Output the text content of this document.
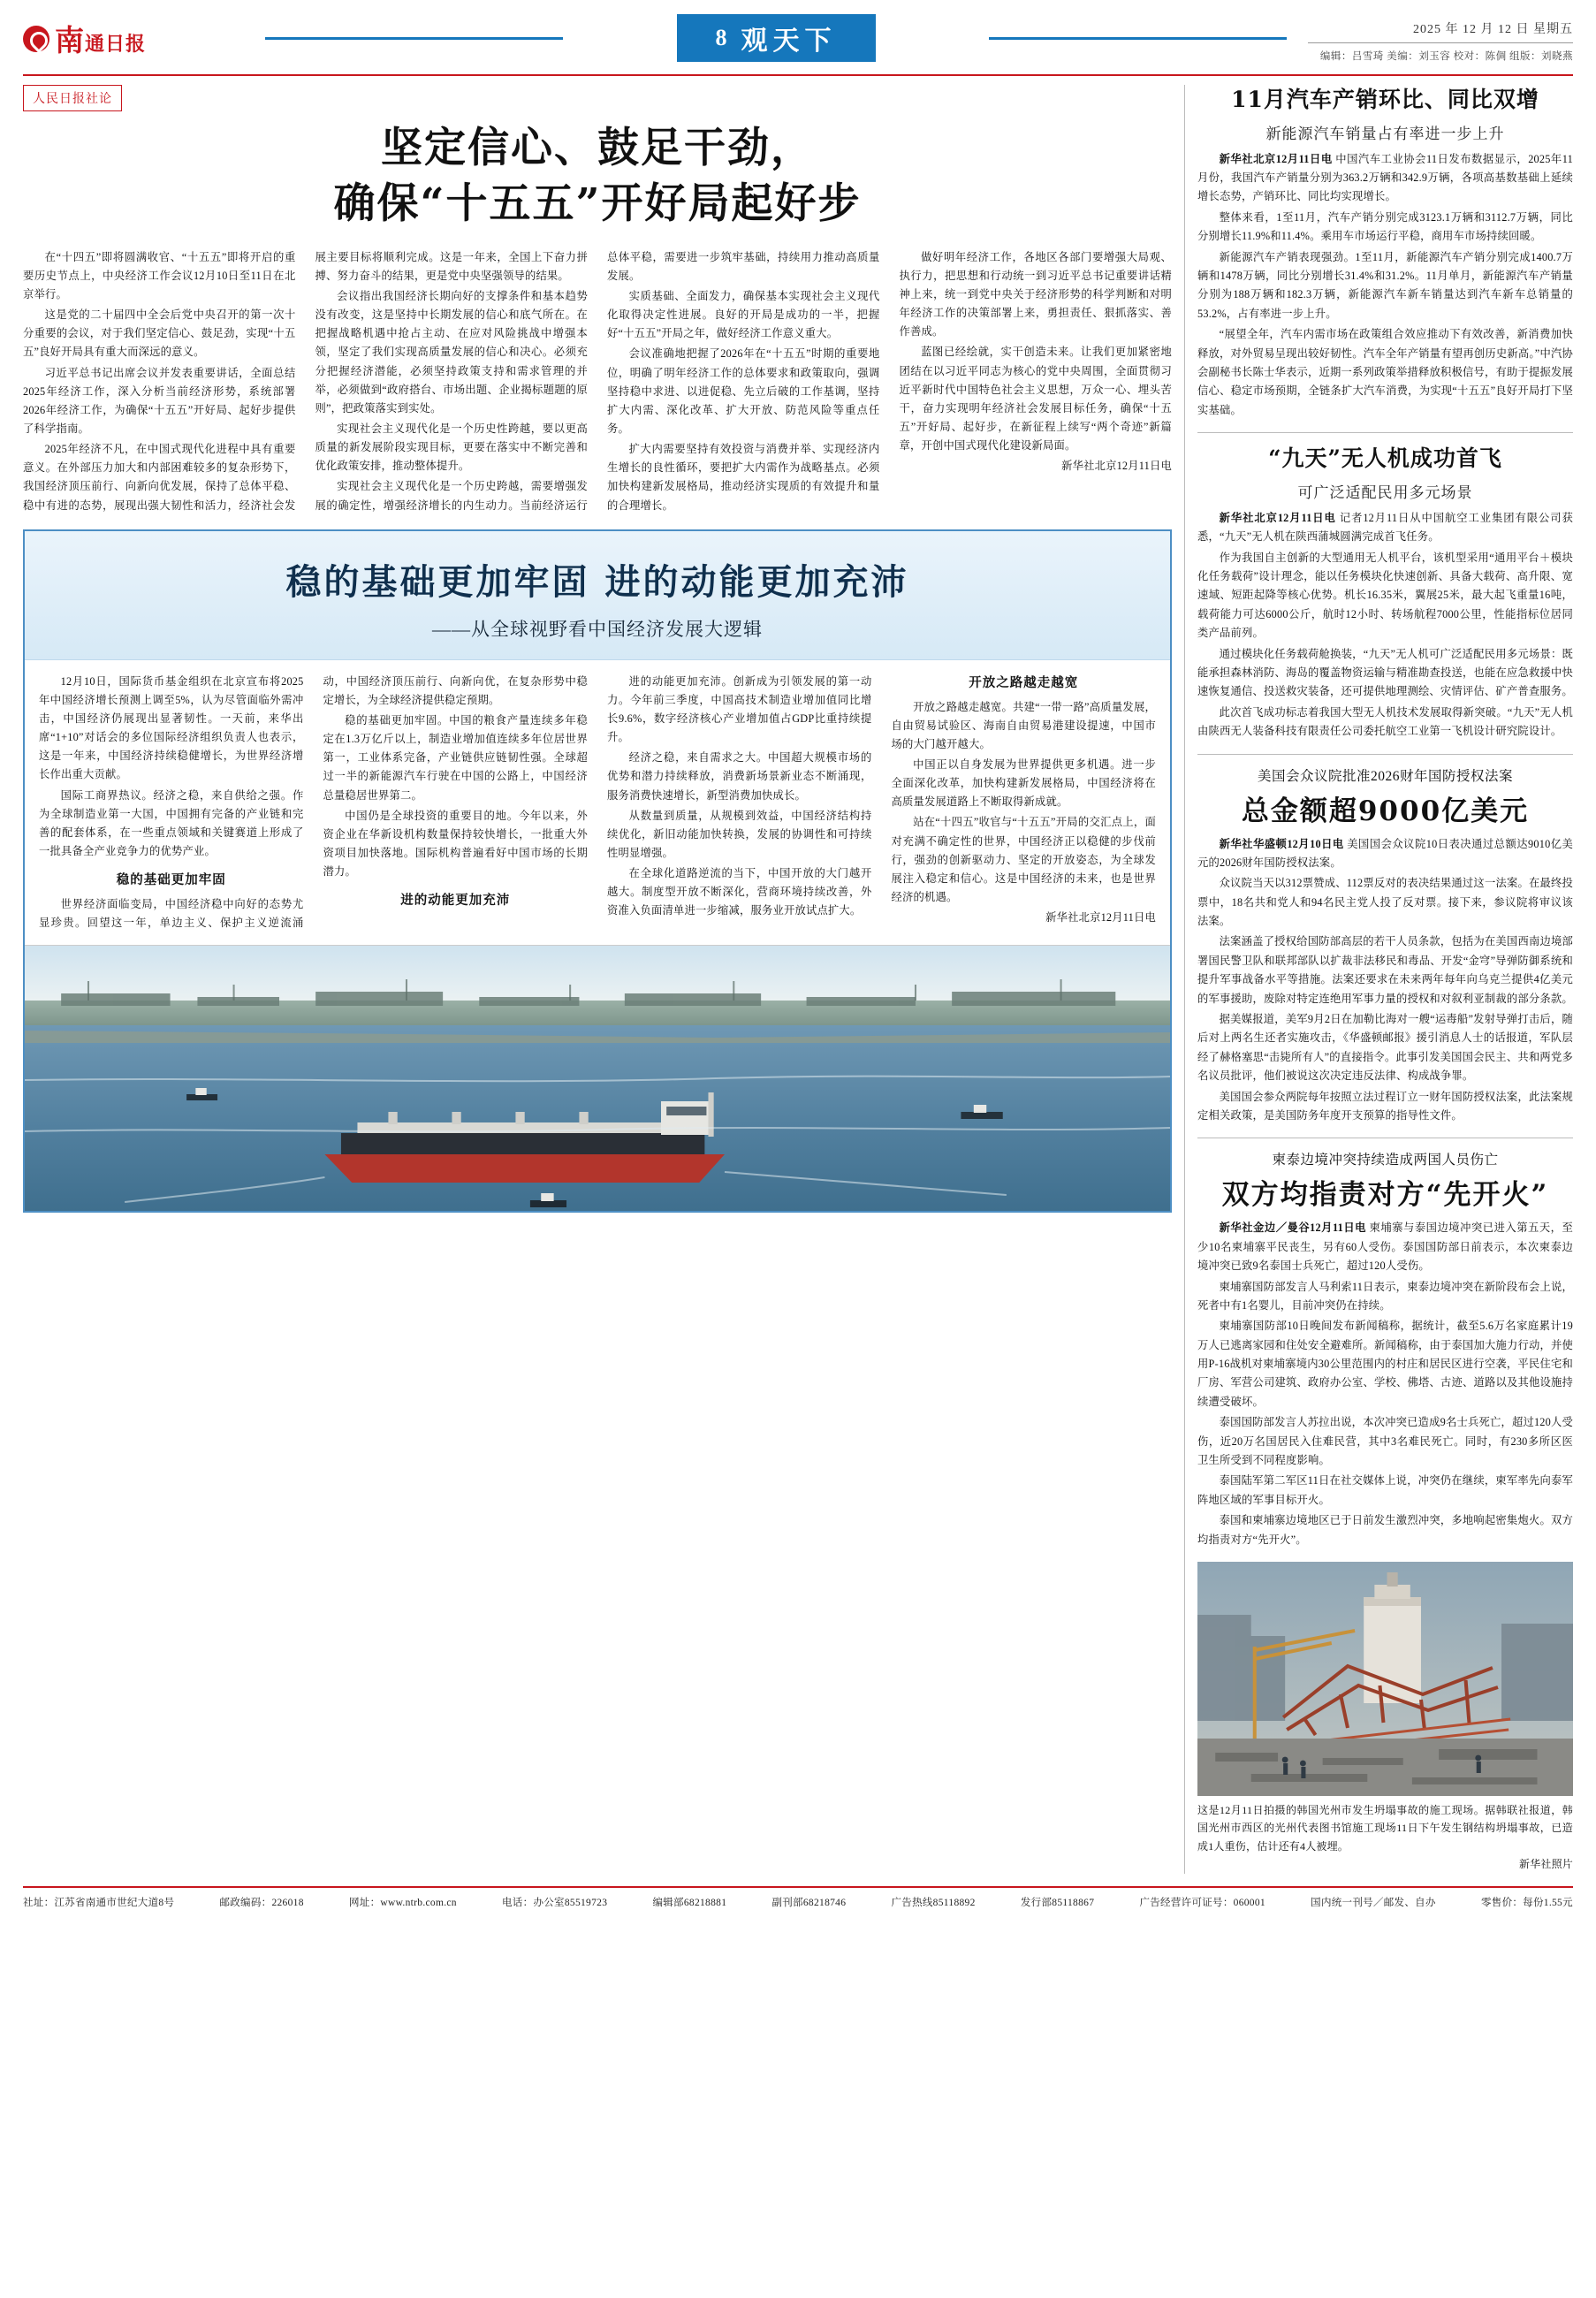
南通日报	8 观天下	2025 年 12 月 12 日 星期五
编辑：吕雪琦 美编：刘玉容 校对：陈倜 组版：刘晓燕
人民日报社论
坚定信心、鼓足干劲，
确保“十五五”开好局起好步

在“十四五”即将圆满收官、“十五五”即将开启的重要历史节点上，中央经济工作会议12月10日至11日在北京举行。

这是党的二十届四中全会后党中央召开的第一次十分重要的会议，对于我们坚定信心、鼓足劲，实现“十五五”良好开局具有重大而深远的意义。

习近平总书记出席会议并发表重要讲话，全面总结2025年经济工作，深入分析当前经济形势，系统部署2026年经济工作，为确保“十五五”开好局、起好步提供了科学指南。

2025年经济不凡，在中国式现代化进程中具有重要意义。在外部压力加大和内部困难较多的复杂形势下，我国经济顶压前行、向新向优发展，保持了总体平稳、稳中有进的态势，展现出强大韧性和活力，经济社会发展主要目标将顺利完成。这是一年来，全国上下奋力拼搏、努力奋斗的结果，更是党中央坚强领导的结果。

会议指出我国经济长期向好的支撑条件和基本趋势没有改变，这是坚持中长期发展的信心和底气所在。在把握战略机遇中抢占主动、在应对风险挑战中增强本领，坚定了我们实现高质量发展的信心和决心。必须充分把握经济潜能，必须坚持政策支持和需求管理的并举，必须做到“政府搭台、市场出题、企业揭标题题的原则”，把政策落实到实处。

实现社会主义现代化是一个历史性跨越，要以更高质量的新发展阶段实现目标，更要在落实中不断完善和优化政策安排，推动整体提升。

实现社会主义现代化是一个历史跨越，需要增强发展的确定性，增强经济增长的内生动力。当前经济运行总体平稳，需要进一步筑牢基础，持续用力推动高质量发展。

实质基础、全面发力，确保基本实现社会主义现代化取得决定性进展。良好的开局是成功的一半，把握好“十五五”开局之年，做好经济工作意义重大。

会议准确地把握了2026年在“十五五”时期的重要地位，明确了明年经济工作的总体要求和政策取向，强调坚持稳中求进、以进促稳、先立后破的工作基调，坚持扩大内需、深化改革、扩大开放、防范风险等重点任务。

扩大内需要坚持有效投资与消费并举、实现经济内生增长的良性循环，要把扩大内需作为战略基点。必须加快构建新发展格局，推动经济实现质的有效提升和量的合理增长。

做好明年经济工作，各地区各部门要增强大局观、执行力，把思想和行动统一到习近平总书记重要讲话精神上来，统一到党中央关于经济形势的科学判断和对明年经济工作的决策部署上来，勇担责任、狠抓落实、善作善成。

蓝图已经绘就，实干创造未来。让我们更加紧密地团结在以习近平同志为核心的党中央周围，全面贯彻习近平新时代中国特色社会主义思想，万众一心、埋头苦干，奋力实现明年经济社会发展目标任务，确保“十五五”开好局、起好步，在新征程上续写“两个奇迹”新篇章，开创中国式现代化建设新局面。

新华社北京12月11日电

稳的基础更加牢固 进的动能更加充沛
——从全球视野看中国经济发展大逻辑

12月10日，国际货币基金组织在北京宣布将2025年中国经济增长预测上调至5%，认为尽管面临外需冲击，中国经济仍展现出显著韧性。一天前，来华出席“1+10”对话会的多位国际经济组织负责人也表示，这是一年来，中国经济持续稳健增长，为世界经济增长作出重大贡献。

国际工商界热议。经济之稳，来自供给之强。作为全球制造业第一大国，中国拥有完备的产业链和完善的配套体系，在一些重点领域和关键赛道上形成了一批具备全产业竞争力的优势产业。

稳的基础更加牢固

世界经济面临变局，中国经济稳中向好的态势尤显珍贵。回望这一年，单边主义、保护主义逆流涌动，中国经济顶压前行、向新向优，在复杂形势中稳定增长，为全球经济提供稳定预期。

稳的基础更加牢固。中国的粮食产量连续多年稳定在1.3万亿斤以上，制造业增加值连续多年位居世界第一，工业体系完备，产业链供应链韧性强。全球超过一半的新能源汽车行驶在中国的公路上，中国经济总量稳居世界第二。

中国仍是全球投资的重要目的地。今年以来，外资企业在华新设机构数量保持较快增长，一批重大外资项目加快落地。国际机构普遍看好中国市场的长期潜力。

进的动能更加充沛

进的动能更加充沛。创新成为引领发展的第一动力。今年前三季度，中国高技术制造业增加值同比增长9.6%，数字经济核心产业增加值占GDP比重持续提升。

经济之稳，来自需求之大。中国超大规模市场的优势和潜力持续释放，消费新场景新业态不断涌现，服务消费快速增长，新型消费加快成长。

从数量到质量，从规模到效益，中国经济结构持续优化，新旧动能加快转换，发展的协调性和可持续性明显增强。

在全球化道路逆流的当下，中国开放的大门越开越大。制度型开放不断深化，营商环境持续改善，外资准入负面清单进一步缩减，服务业开放试点扩大。

开放之路越走越宽

开放之路越走越宽。共建“一带一路”高质量发展，自由贸易试验区、海南自由贸易港建设提速，中国市场的大门越开越大。

中国正以自身发展为世界提供更多机遇。进一步全面深化改革，加快构建新发展格局，中国经济将在高质量发展道路上不断取得新成就。

站在“十四五”收官与“十五五”开局的交汇点上，面对充满不确定性的世界，中国经济正以稳健的步伐前行，强劲的创新驱动力、坚定的开放姿态，为全球发展注入稳定和信心。这是中国经济的未来，也是世界经济的机遇。

新华社北京12月11日电

11月汽车产销环比、同比双增
新能源汽车销量占有率进一步上升

新华社北京12月11日电 中国汽车工业协会11日发布数据显示，2025年11月份，我国汽车产销量分别为363.2万辆和342.9万辆，各项高基数基础上延续增长态势，产销环比、同比均实现增长。

整体来看，1至11月，汽车产销分别完成3123.1万辆和3112.7万辆，同比分别增长11.9%和11.4%。乘用车市场运行平稳，商用车市场持续回暖。

新能源汽车产销表现强劲。1至11月，新能源汽车产销分别完成1400.7万辆和1478万辆，同比分别增长31.4%和31.2%。11月单月，新能源汽车产销量分别为188万辆和182.3万辆，新能源汽车新车销量达到汽车新车总销量的53.2%，占有率进一步上升。

“展望全年，汽车内需市场在政策组合效应推动下有效改善，新消费加快释放，对外贸易呈现出较好韧性。汽车全年产销量有望再创历史新高。”中汽协会副秘书长陈士华表示，近期一系列政策举措释放积极信号，有助于提振发展信心、稳定市场预期，全链条扩大汽车消费，为实现“十五五”良好开局打下坚实基础。

“九天”无人机成功首飞
可广泛适配民用多元场景

新华社北京12月11日电 记者12月11日从中国航空工业集团有限公司获悉，“九天”无人机在陕西蒲城圆满完成首飞任务。

作为我国自主创新的大型通用无人机平台，该机型采用“通用平台＋模块化任务载荷”设计理念，能以任务模块化快速创新、具备大载荷、高升限、宽速域、短距起降等核心优势。机长16.35米，翼展25米，最大起飞重量16吨，载荷能力可达6000公斤，航时12小时、转场航程7000公里，性能指标位居同类产品前列。

通过模块化任务载荷舱换装，“九天”无人机可广泛适配民用多元场景：既能承担森林消防、海岛的覆盖物资运输与精准勘查投送，也能在应急救援中快速恢复通信、投送救灾装备，还可提供地理测绘、灾情评估、矿产普查服务。

此次首飞成功标志着我国大型无人机技术发展取得新突破。“九天”无人机由陕西无人装备科技有限责任公司委托航空工业第一飞机设计研究院设计。

美国会众议院批准2026财年国防授权法案
总金额超9000亿美元

新华社华盛顿12月10日电 美国国会众议院10日表决通过总额达9010亿美元的2026财年国防授权法案。

众议院当天以312票赞成、112票反对的表决结果通过这一法案。在最终投票中，18名共和党人和94名民主党人投了反对票。接下来，参议院将审议该法案。

法案涵盖了授权给国防部高层的若干人员条款，包括为在美国西南边境部署国民警卫队和联邦部队以扩裁非法移民和毒品、开发“金穹”导弹防御系统和提升军事战备水平等措施。法案还要求在未来两年每年向乌克兰提供4亿美元的军事援助，废除对特定连绝用军事力量的授权和对叙利亚制裁的部分条款。

据美媒报道，美军9月2日在加勒比海对一艘“运毒船”发射导弹打击后，随后对上两名生还者实施攻击，《华盛顿邮报》援引消息人士的话报道，军队层经了赫格塞思“击毙所有人”的直接指令。此事引发美国国会民主、共和两党多名议员批评，他们被说这次决定违反法律、构成战争罪。

美国国会参众两院每年按照立法过程订立一财年国防授权法案，此法案规定相关政策，是美国防务年度开支预算的指导性文件。

柬泰边境冲突持续造成两国人员伤亡
双方均指责对方“先开火”

新华社金边／曼谷12月11日电 柬埔寨与泰国边境冲突已进入第五天，至少10名柬埔寨平民丧生，另有60人受伤。泰国国防部日前表示，本次柬泰边境冲突已致9名泰国士兵死亡，超过120人受伤。

柬埔寨国防部发言人马利索11日表示，柬泰边境冲突在新阶段布会上说，死者中有1名婴儿，目前冲突仍在持续。

柬埔寨国防部10日晚间发布新闻稿称，据统计，截至5.6万名家庭累计19万人已逃离家园和住处安全避难所。新闻稿称，由于泰国加大施力行动，并使用P-16战机对柬埔寨境内30公里范围内的村庄和居民区进行空袭，平民住宅和厂房、军营公司建筑、政府办公室、学校、佛塔、古迹、道路以及其他设施持续遭受破坏。

泰国国防部发言人苏拉出说，本次冲突已造成9名士兵死亡，超过120人受伤，近20万名国居民入住难民营，其中3名难民死亡。同时，有230多所区医卫生所受到不同程度影响。

泰国陆军第二军区11日在社交媒体上说，冲突仍在继续，柬军率先向泰军阵地区域的军事目标开火。

泰国和柬埔寨边境地区已于日前发生激烈冲突，多地响起密集炮火。双方均指责对方“先开火”。

这是12月11日拍摄的韩国光州市发生坍塌事故的施工现场。据韩联社报道，韩国光州市西区的光州代表图书馆施工现场11日下午发生钢结构坍塌事故，已造成1人重伤，估计还有4人被埋。
新华社照片
社址：江苏省南通市世纪大道8号	邮政编码：226018	网址：www.ntrb.com.cn	电话：办公室85519723	编辑部68218881	副刊部68218746	广告热线85118892	发行部85118867	广告经营许可证号：060001	国内统一刊号／邮发、自办	零售价：每份1.55元
